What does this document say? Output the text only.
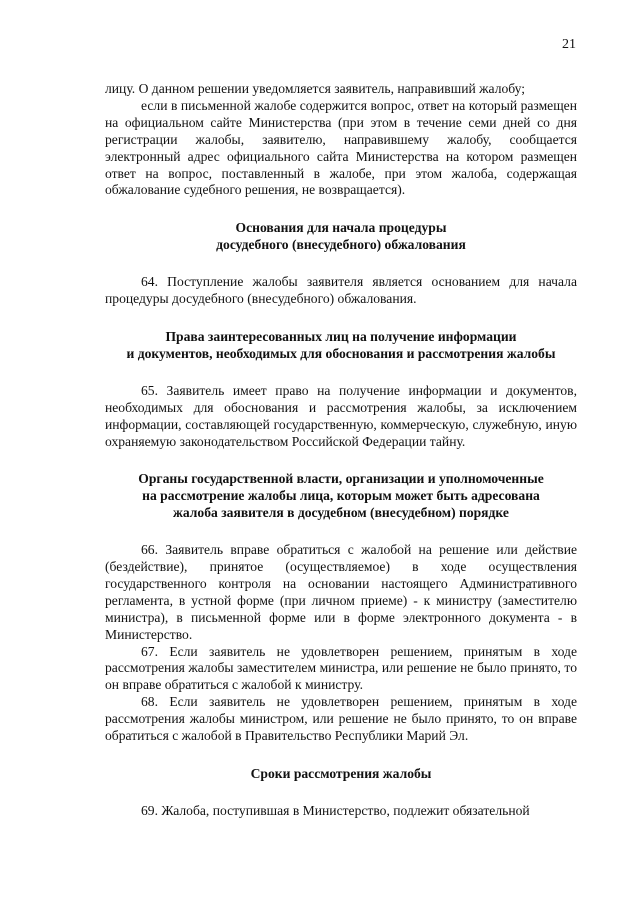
21

лицу. О данном решении уведомляется заявитель, направивший жалобу;

если в письменной жалобе содержится вопрос, ответ на который размещен на официальном сайте Министерства (при этом в течение семи дней со дня регистрации жалобы, заявителю, направившему жалобу, сообщается электронный адрес официального сайта Министерства на котором размещен ответ на вопрос, поставленный в жалобе, при этом жалоба, содержащая обжалование судебного решения, не возвращается).

Основания для начала процедуры
досудебного (внесудебного) обжалования

64. Поступление жалобы заявителя является основанием для начала процедуры досудебного (внесудебного) обжалования.

Права заинтересованных лиц на получение информации
и документов, необходимых для обоснования и рассмотрения жалобы

65. Заявитель имеет право на получение информации и документов, необходимых для обоснования и рассмотрения жалобы, за исключением информации, составляющей государственную, коммерческую, служебную, иную охраняемую законодательством Российской Федерации тайну.

Органы государственной власти, организации и уполномоченные
на рассмотрение жалобы лица, которым может быть адресована
жалоба заявителя в досудебном (внесудебном) порядке

66. Заявитель вправе обратиться с жалобой на решение или действие (бездействие), принятое (осуществляемое) в ходе осуществления государственного контроля на основании настоящего Административного регламента, в устной форме (при личном приеме) - к министру (заместителю министра), в письменной форме или в форме электронного документа - в Министерство.

67. Если заявитель не удовлетворен решением, принятым в ходе рассмотрения жалобы заместителем министра, или решение не было принято, то он вправе обратиться с жалобой к министру.

68. Если заявитель не удовлетворен решением, принятым в ходе рассмотрения жалобы министром, или решение не было принято, то он вправе обратиться с жалобой в Правительство Республики Марий Эл.

Сроки рассмотрения жалобы

69. Жалоба, поступившая в Министерство, подлежит обязательной
